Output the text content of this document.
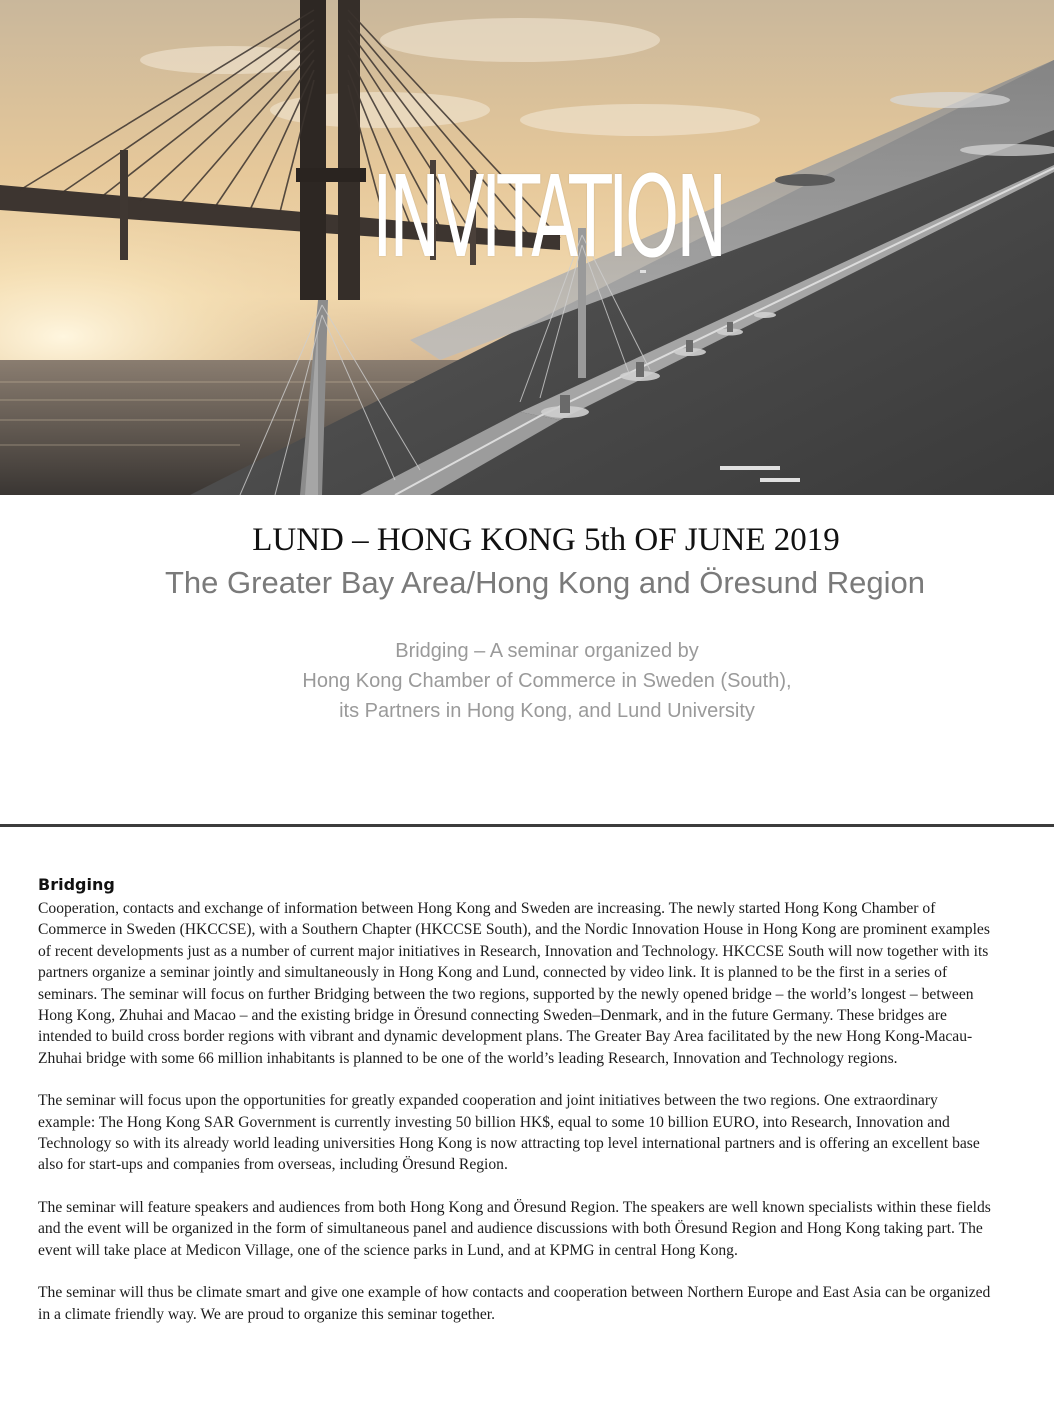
INVITATION
LUND – HONG KONG 5th OF JUNE 2019
The Greater Bay Area/Hong Kong and Öresund Region
Bridging – A seminar organized by
Hong Kong Chamber of Commerce in Sweden (South),
its Partners in Hong Kong, and Lund University
Bridging

Cooperation, contacts and exchange of information between Hong Kong and Sweden are increasing. The newly started Hong Kong Chamber of Commerce in Sweden (HKCCSE), with a Southern Chapter (HKCCSE South), and the Nordic Innovation House in Hong Kong are prominent examples of recent developments just as a number of current major initiatives in Research, Innovation and Technology. HKCCSE South will now together with its partners organize a seminar jointly and simultaneously in Hong Kong and Lund, connected by video link. It is planned to be the first in a series of seminars. The seminar will focus on further Bridging between the two regions, supported by the newly opened bridge – the world’s longest – between Hong Kong, Zhuhai and Macao – and the existing bridge in Öresund connecting Sweden–Denmark, and in the future Germany. These bridges are intended to build cross border regions with vibrant and dynamic development plans. The Greater Bay Area facilitated by the new Hong Kong-Macau-Zhuhai bridge with some 66 million inhabitants is planned to be one of the world’s leading Research, Innovation and Technology regions.

The seminar will focus upon the opportunities for greatly expanded cooperation and joint initiatives between the two regions. One extraordinary example: The Hong Kong SAR Government is currently investing 50 billion HK$, equal to some 10 billion EURO, into Research, Innovation and Technology so with its already world leading universities Hong Kong is now attracting top level international partners and is offering an excellent base also for start-ups and companies from overseas, including Öresund Region.

The seminar will feature speakers and audiences from both Hong Kong and Öresund Region. The speakers are well known specialists within these fields and the event will be organized in the form of simultaneous panel and audience discussions with both Öresund Region and Hong Kong taking part. The event will take place at Medicon Village, one of the science parks in Lund, and at KPMG in central Hong Kong.

The seminar will thus be climate smart and give one example of how contacts and cooperation between Northern Europe and East Asia can be organized in a climate friendly way. We are proud to organize this seminar together.
